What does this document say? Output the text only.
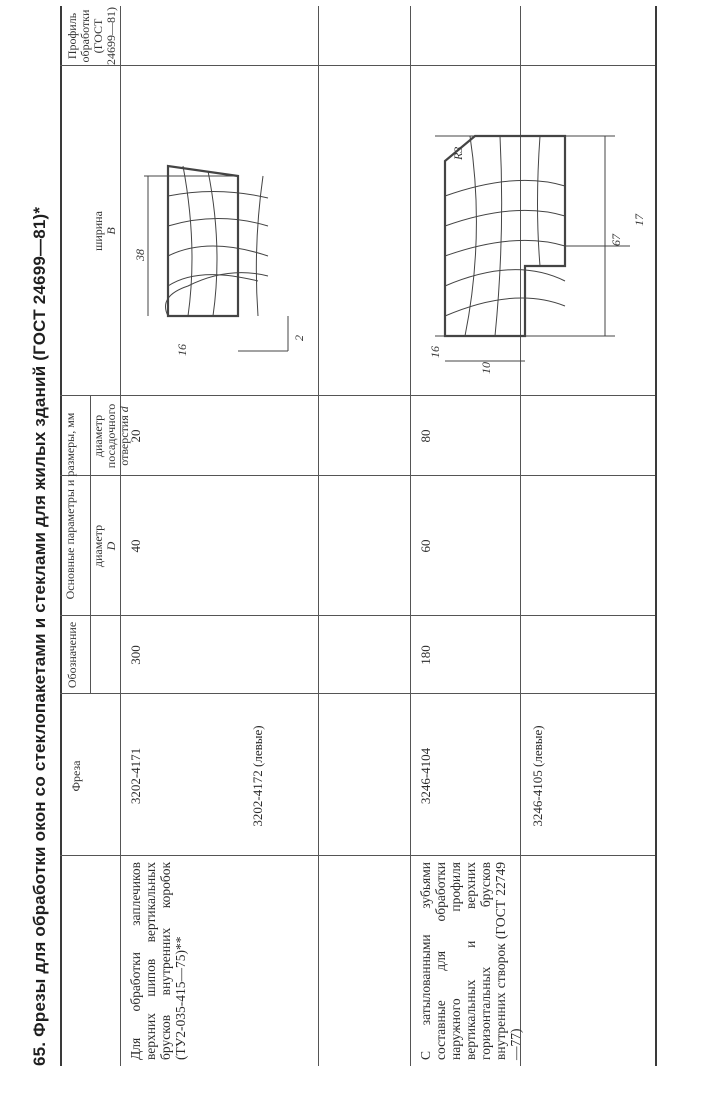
65. Фрезы для обработки окон со стеклопакетами и стеклами для жилых зданий (ГОСТ 24699—81)* Фреза
Обозначение
Основные параметры и размеры, мм диаметр
D
диаметр посадочного отверстия d
ширина
B
Профиль обработки (ГОСТ 24699—81)
Для обработки заплечиков верхних шипов вертикальных брусков внутренних коробок (ТУ2-035-415—75)**
3202-4171	3202-4172 (левые)
300
40
20
38
16
2
С затылованными зубьями составные для обработки наружного профиля вертикальных и верхних горизонтальных брусков внутренних створок (ГОСТ 22749—77)
3246-4104	3246-4105 (левые)
180
60
80
16
R3
67
10
17
